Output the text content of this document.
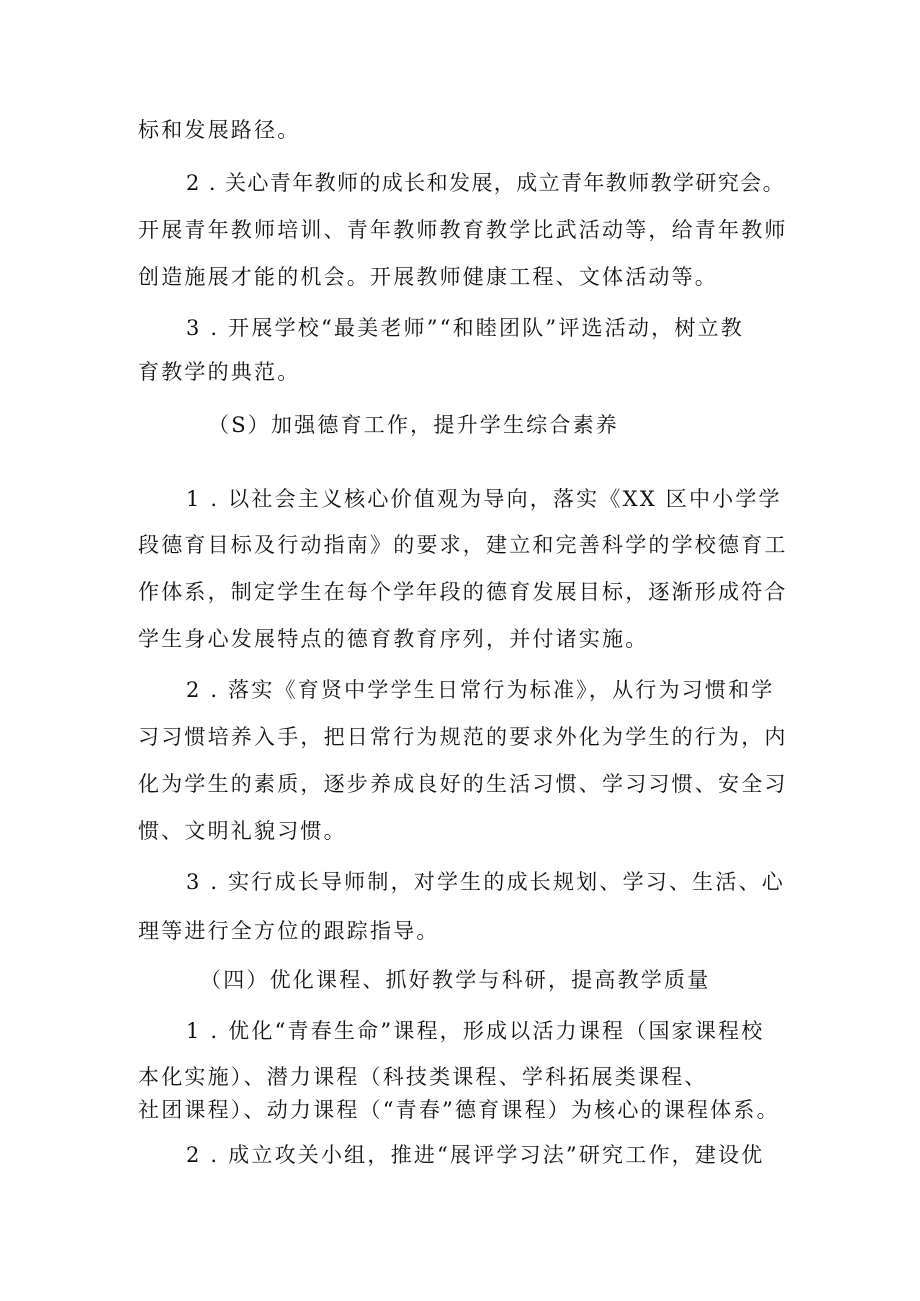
标和发展路径。
2 . 关心青年教师的成长和发展，成立青年教师教学研究会。
开展青年教师培训、青年教师教育教学比武活动等，给青年教师
创造施展才能的机会。开展教师健康工程、文体活动等。
3 . 开展学校“最美老师”“和睦团队”评选活动，树立教
育教学的典范。
（S）加强德育工作，提升学生综合素养
1 . 以社会主义核心价值观为导向，落实《XX 区中小学学
段德育目标及行动指南》的要求，建立和完善科学的学校德育工
作体系，制定学生在每个学年段的德育发展目标，逐渐形成符合
学生身心发展特点的德育教育序列，并付诸实施。
2 . 落实《育贤中学学生日常行为标准》，从行为习惯和学
习习惯培养入手，把日常行为规范的要求外化为学生的行为，内
化为学生的素质，逐步养成良好的生活习惯、学习习惯、安全习
惯、文明礼貌习惯。
3 . 实行成长导师制，对学生的成长规划、学习、生活、心
理等进行全方位的跟踪指导。
（四）优化课程、抓好教学与科研，提高教学质量
1 . 优化“青春生命”课程，形成以活力课程（国家课程校
本化实施）、潜力课程（科技类课程、学科拓展类课程、
社团课程）、动力课程（“青春”德育课程）为核心的课程体系。
2 . 成立攻关小组，推进“展评学习法”研究工作，建设优
